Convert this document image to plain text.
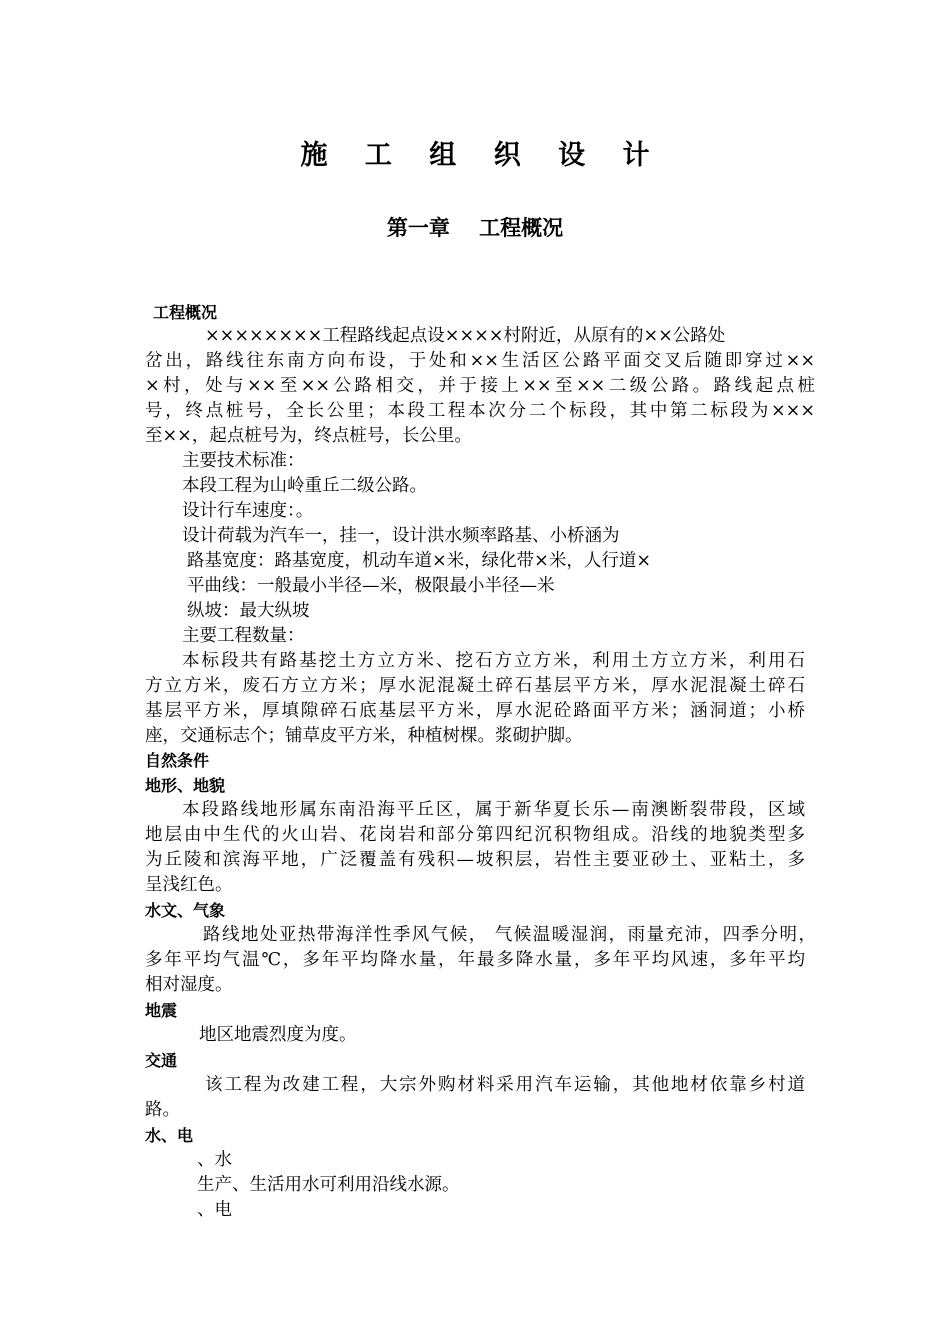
施 工 组 织 设 计
第一章    工程概况
工程概况
××××××××工程路线起点设××××村附近，从原有的××公路处
岔出，路线往东南方向布设，于处和××生活区公路平面交叉后随即穿过××
×村，处与××至××公路相交，并于接上××至××二级公路。路线起点桩
号，终点桩号，全长公里；本段工程本次分二个标段，其中第二标段为×××
至××，起点桩号为，终点桩号，长公里。
主要技术标准：
本段工程为山岭重丘二级公路。
设计行车速度：。
设计荷载为汽车一，挂一，设计洪水频率路基、小桥涵为
路基宽度：路基宽度，机动车道×米，绿化带×米，人行道×
平曲线：一般最小半径—米，极限最小半径—米
纵坡：最大纵坡
主要工程数量：
本标段共有路基挖土方立方米、挖石方立方米，利用土方立方米，利用石
方立方米，废石方立方米；厚水泥混凝土碎石基层平方米，厚水泥混凝土碎石
基层平方米，厚填隙碎石底基层平方米，厚水泥砼路面平方米；涵洞道；小桥
座，交通标志个；铺草皮平方米，种植树棵。浆砌护脚。
自然条件
地形、地貌
本段路线地形属东南沿海平丘区，属于新华夏长乐—南澳断裂带段，区域
地层由中生代的火山岩、花岗岩和部分第四纪沉积物组成。沿线的地貌类型多
为丘陵和滨海平地，广泛覆盖有残积—坡积层，岩性主要亚砂土、亚粘土，多
呈浅红色。
水文、气象
路线地处亚热带海洋性季风气候， 气候温暖湿润，雨量充沛，四季分明，
多年平均气温℃，多年平均降水量，年最多降水量，多年平均风速，多年平均
相对湿度。
地震
地区地震烈度为度。
交通
该工程为改建工程，大宗外购材料采用汽车运输，其他地材依靠乡村道
路。
水、电
、水
生产、生活用水可利用沿线水源。
、电
